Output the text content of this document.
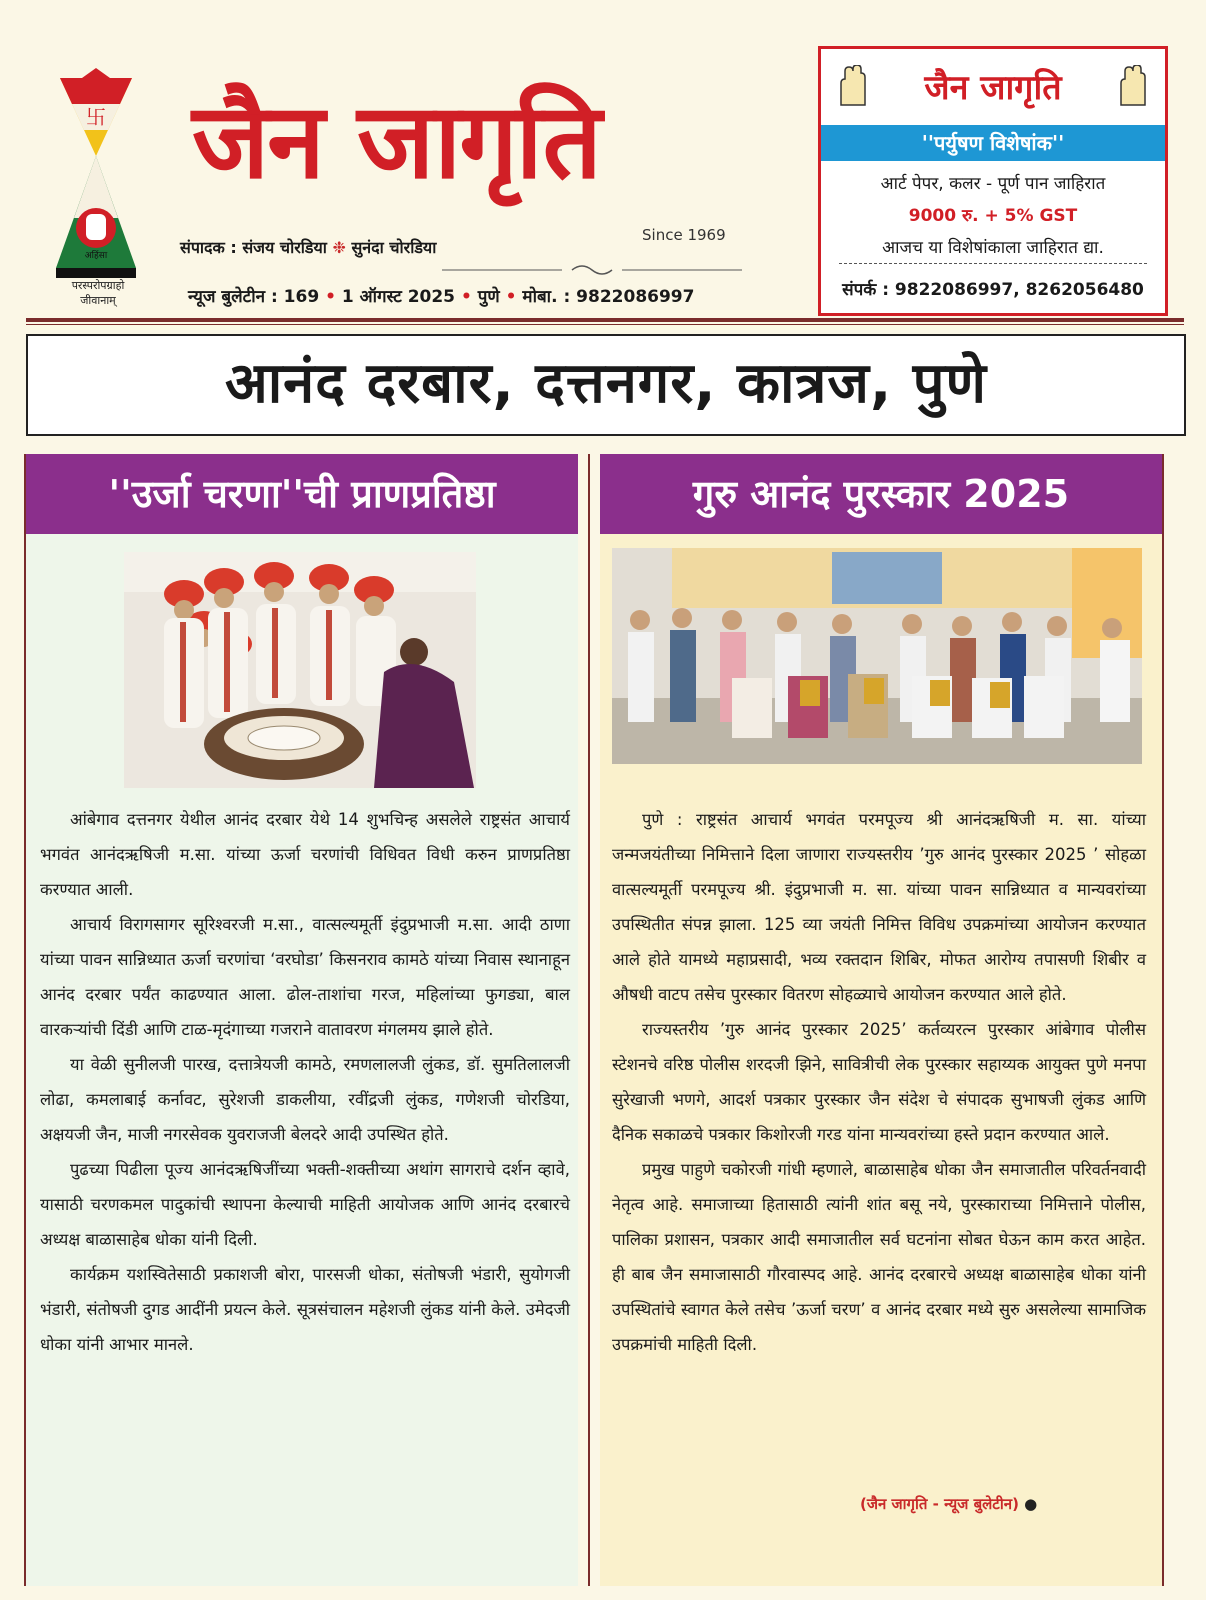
卐
अहिंसा
परस्परोपग्राहो
जीवानाम्
जैन जागृति
Since 1969
संपादक : संजय चोरडिया ❉ सुनंदा चोरडिया
न्यूज बुलेटीन : 169 • 1 ऑगस्ट 2025 • पुणे • मोबा. : 9822086997
जैन जागृति
''पर्युषण विशेषांक''
आर्ट पेपर, कलर - पूर्ण पान जाहिरात
9000 रु. + 5% GST
आजच या विशेषांकाला जाहिरात द्या.
संपर्क : 9822086997, 8262056480
आनंद दरबार, दत्तनगर, कात्रज, पुणे
''उर्जा चरणा''ची प्राणप्रतिष्ठा	गुरु आनंद पुरस्कार 2025

आंबेगाव दत्तनगर येथील आनंद दरबार येथे 14 शुभचिन्ह असलेले राष्ट्रसंत आचार्य भगवंत आनंदऋषिजी म.सा. यांच्या ऊर्जा चरणांची विधिवत विधी करुन प्राणप्रतिष्ठा करण्यात आली.

आचार्य विरागसागर सूरिश्वरजी म.सा., वात्सल्यमूर्ती इंदुप्रभाजी म.सा. आदी ठाणा यांच्या पावन सान्निध्यात ऊर्जा चरणांचा ‘वरघोडा’ किसनराव कामठे यांच्या निवास स्थानाहून आनंद दरबार पर्यंत काढण्यात आला. ढोल-ताशांचा गरज, महिलांच्या फुगड्या, बाल वारकऱ्यांची दिंडी आणि टाळ-मृदंगाच्या गजराने वातावरण मंगलमय झाले होते.

या वेळी सुनीलजी पारख, दत्तात्रेयजी कामठे, रमणलालजी लुंकड, डॉ. सुमतिलालजी लोढा, कमलाबाई कर्नावट, सुरेशजी डाकलीया, रवींद्रजी लुंकड, गणेशजी चोरडिया, अक्षयजी जैन, माजी नगरसेवक युवराजजी बेलदरे आदी उपस्थित होते.

पुढच्या पिढीला पूज्य आनंदऋषिजींच्या भक्ती-शक्तीच्या अथांग सागराचे दर्शन व्हावे, यासाठी चरणकमल पादुकांची स्थापना केल्याची माहिती आयोजक आणि आनंद दरबारचे अध्यक्ष बाळासाहेब धोका यांनी दिली.

कार्यक्रम यशस्वितेसाठी प्रकाशजी बोरा, पारसजी धोका, संतोषजी भंडारी, सुयोगजी भंडारी, संतोषजी दुगड आदींनी प्रयत्न केले. सूत्रसंचालन महेशजी लुंकड यांनी केले. उमेदजी धोका यांनी आभार मानले.

पुणे : राष्ट्रसंत आचार्य भगवंत परमपूज्य श्री आनंदऋषिजी म. सा. यांच्या जन्मजयंतीच्या निमित्ताने दिला जाणारा राज्यस्तरीय ’गुरु आनंद पुरस्कार 2025 ’ सोहळा वात्सल्यमूर्ती परमपूज्य श्री. इंदुप्रभाजी म. सा. यांच्या पावन सान्निध्यात व मान्यवरांच्या उपस्थितीत संपन्न झाला. 125 व्या जयंती निमित्त विविध उपक्रमांच्या आयोजन करण्यात आले होते यामध्ये महाप्रसादी, भव्य रक्तदान शिबिर, मोफत आरोग्य तपासणी शिबीर व औषधी वाटप तसेच पुरस्कार वितरण सोहळ्याचे आयोजन करण्यात आले होते.

राज्यस्तरीय ’गुरु आनंद पुरस्कार 2025’ कर्तव्यरत्न पुरस्कार आंबेगाव पोलीस स्टेशनचे वरिष्ठ पोलीस शरदजी झिने, सावित्रीची लेक पुरस्कार सहाय्यक आयुक्त पुणे मनपा सुरेखाजी भणगे, आदर्श पत्रकार पुरस्कार जैन संदेश चे संपादक सुभाषजी लुंकड आणि दैनिक सकाळचे पत्रकार किशोरजी गरड यांना मान्यवरांच्या हस्ते प्रदान करण्यात आले.

प्रमुख पाहुणे चकोरजी गांधी म्हणाले, बाळासाहेब धोका जैन समाजातील परिवर्तनवादी नेतृत्व आहे. समाजाच्या हितासाठी त्यांनी शांत बसू नये, पुरस्काराच्या निमित्ताने पोलीस, पालिका प्रशासन, पत्रकार आदी समाजातील सर्व घटनांना सोबत घेऊन काम करत आहेत. ही बाब जैन समाजासाठी गौरवास्पद आहे. आनंद दरबारचे अध्यक्ष बाळासाहेब धोका यांनी उपस्थितांचे स्वागत केले तसेच ’ऊर्जा चरण’ व आनंद दरबार मध्ये सुरु असलेल्या सामाजिक उपक्रमांची माहिती दिली.

(जैन जागृति - न्यूज बुलेटीन) ●
